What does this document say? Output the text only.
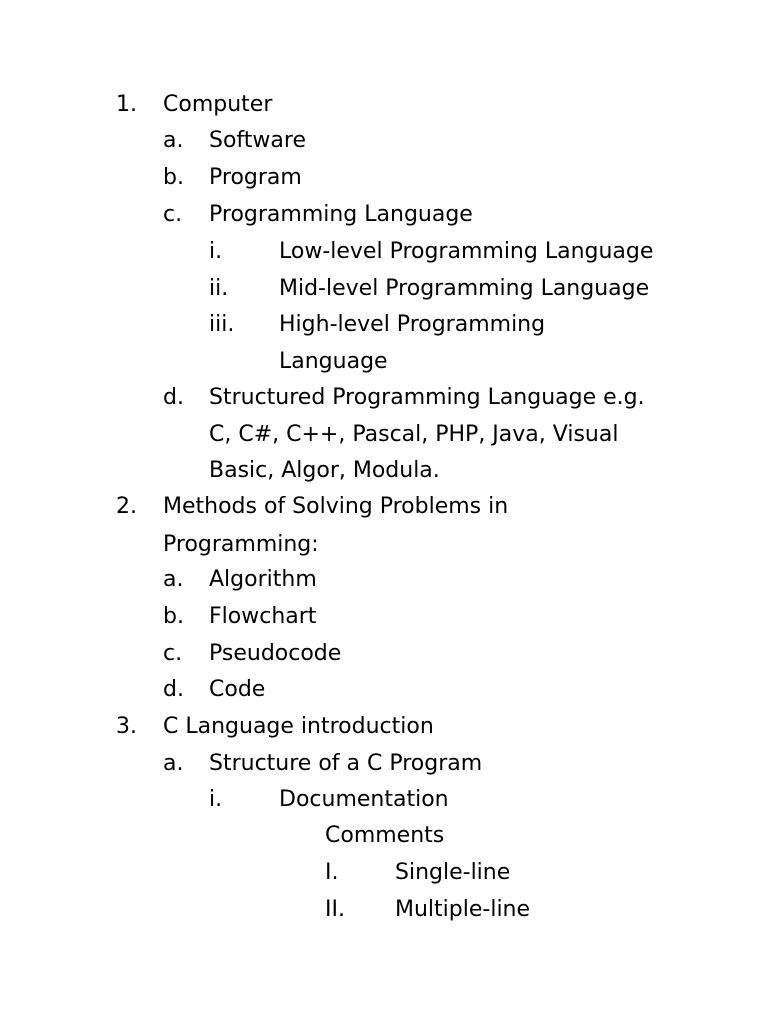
1. Computer
a. Software
b. Program
c. Programming Language
i.	Low-level Programming Language
ii. Mid-level Programming Language
iii. High-level Programming
Language
d. Structured Programming Language e.g.
C, C#, C++, Pascal, PHP, Java, Visual
Basic, Algor, Modula.
2. Methods of Solving Problems in
Programming:
a. Algorithm
b. Flowchart
c. Pseudocode
d. Code
3. C Language introduction
a. Structure of a C Program
i.	Documentation
Comments
I.	Single-line
II. Multiple-line
